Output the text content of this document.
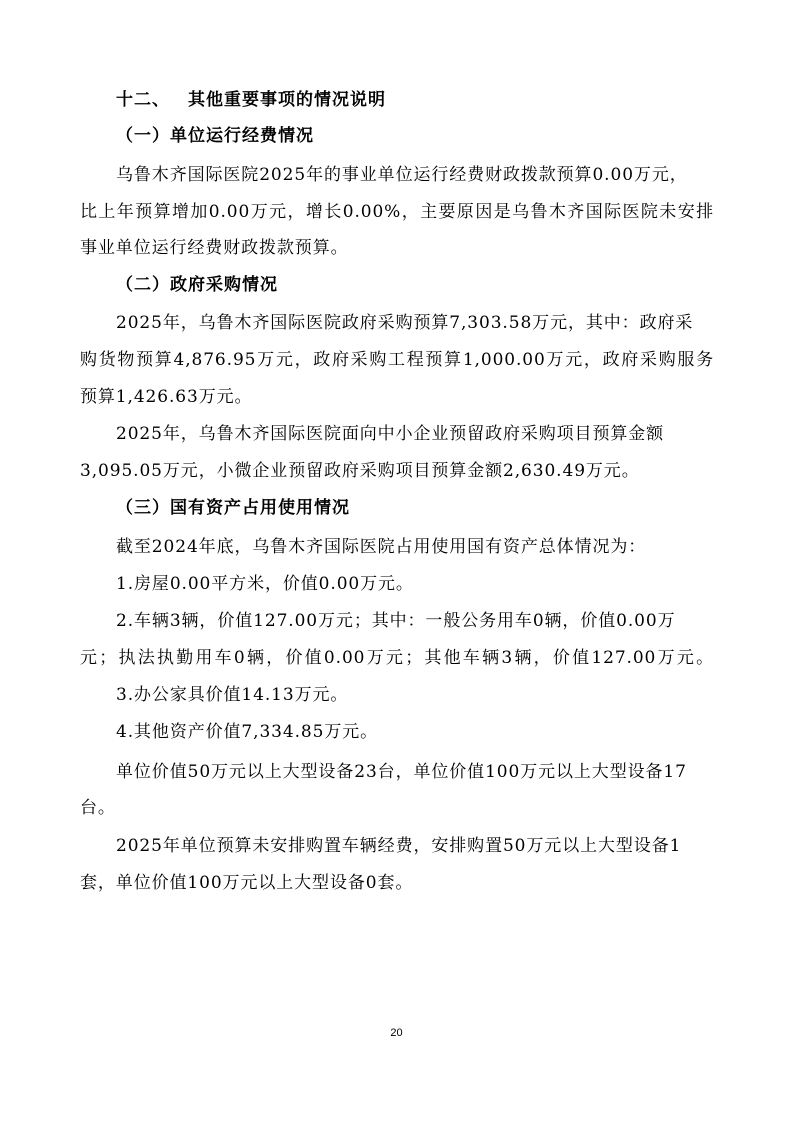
十二、 其他重要事项的情况说明
（一）单位运行经费情况
乌鲁木齐国际医院2025年的事业单位运行经费财政拨款预算0.00万元，
比上年预算增加0.00万元，增长0.00%，主要原因是乌鲁木齐国际医院未安排
事业单位运行经费财政拨款预算。
（二）政府采购情况
2025年，乌鲁木齐国际医院政府采购预算7,303.58万元，其中：政府采
购货物预算4,876.95万元，政府采购工程预算1,000.00万元，政府采购服务
预算1,426.63万元。
2025年，乌鲁木齐国际医院面向中小企业预留政府采购项目预算金额
3,095.05万元，小微企业预留政府采购项目预算金额2,630.49万元。
（三）国有资产占用使用情况
截至2024年底，乌鲁木齐国际医院占用使用国有资产总体情况为：
1.房屋0.00平方米，价值0.00万元。
2.车辆3辆，价值127.00万元；其中：一般公务用车0辆，价值0.00万
元；执法执勤用车0辆，价值0.00万元；其他车辆3辆，价值127.00万元。
3.办公家具价值14.13万元。
4.其他资产价值7,334.85万元。
单位价值50万元以上大型设备23台，单位价值100万元以上大型设备17
台。
2025年单位预算未安排购置车辆经费，安排购置50万元以上大型设备1
套，单位价值100万元以上大型设备0套。
20
